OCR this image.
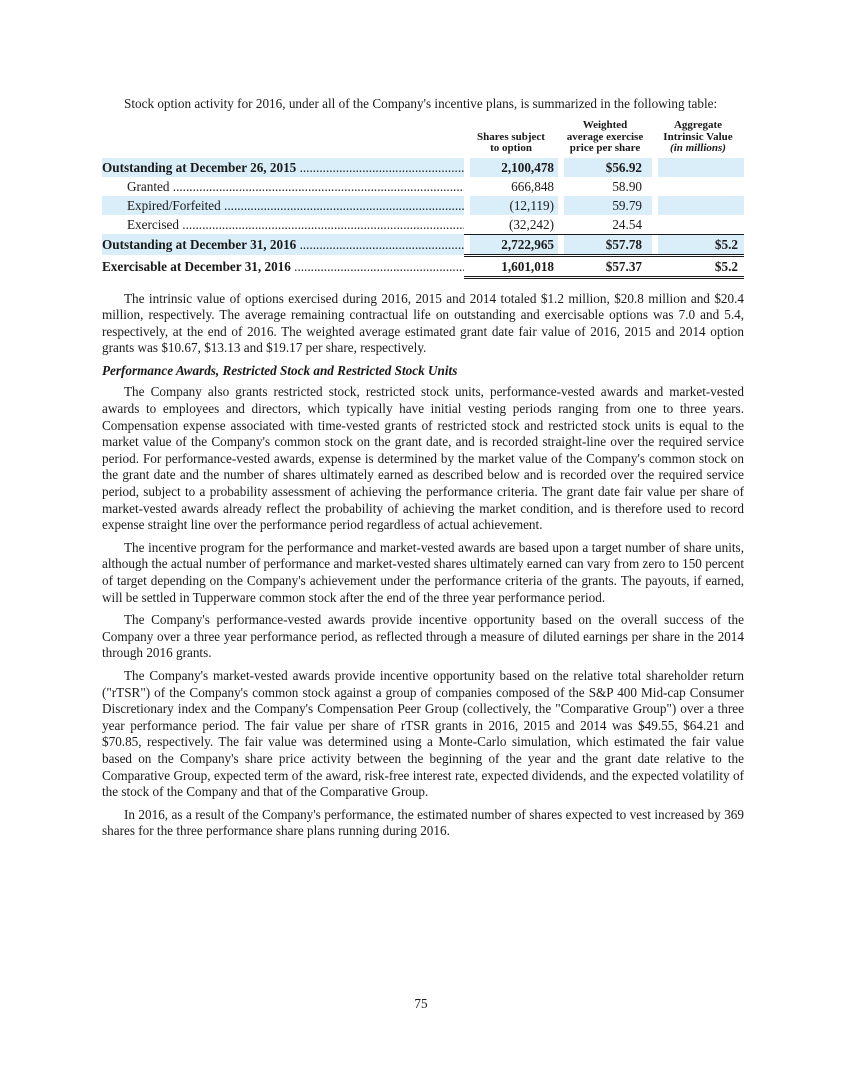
Stock option activity for 2016, under all of the Company's incentive plans, is summarized in the following table:

	Shares subject
to option	Weighted
average exercise
price per share	Aggregate
Intrinsic Value
(in millions)

Outstanding at December 26, 2015 .....	2,100,478	$56.92	
Granted .....	666,848	58.90	
Expired/Forfeited .....	(12,119)	59.79	
Exercised .....	(32,242)	24.54	
Outstanding at December 31, 2016 .....	2,722,965	$57.78	$5.2
Exercisable at December 31, 2016 .....	1,601,018	$57.37	$5.2

The intrinsic value of options exercised during 2016, 2015 and 2014 totaled $1.2 million, $20.8 million and $20.4 million, respectively. The average remaining contractual life on outstanding and exercisable options was 7.0 and 5.4, respectively, at the end of 2016. The weighted average estimated grant date fair value of 2016, 2015 and 2014 option grants was $10.67, $13.13 and $19.17 per share, respectively.

Performance Awards, Restricted Stock and Restricted Stock Units

The Company also grants restricted stock, restricted stock units, performance-vested awards and market-vested awards to employees and directors, which typically have initial vesting periods ranging from one to three years. Compensation expense associated with time-vested grants of restricted stock and restricted stock units is equal to the market value of the Company's common stock on the grant date, and is recorded straight-line over the required service period. For performance-vested awards, expense is determined by the market value of the Company's common stock on the grant date and the number of shares ultimately earned as described below and is recorded over the required service period, subject to a probability assessment of achieving the performance criteria. The grant date fair value per share of market-vested awards already reflect the probability of achieving the market condition, and is therefore used to record expense straight line over the performance period regardless of actual achievement.

The incentive program for the performance and market-vested awards are based upon a target number of share units, although the actual number of performance and market-vested shares ultimately earned can vary from zero to 150 percent of target depending on the Company's achievement under the performance criteria of the grants. The payouts, if earned, will be settled in Tupperware common stock after the end of the three year performance period.

The Company's performance-vested awards provide incentive opportunity based on the overall success of the Company over a three year performance period, as reflected through a measure of diluted earnings per share in the 2014 through 2016 grants.

The Company's market-vested awards provide incentive opportunity based on the relative total shareholder return ("rTSR") of the Company's common stock against a group of companies composed of the S&P 400 Mid-cap Consumer Discretionary index and the Company's Compensation Peer Group (collectively, the "Comparative Group") over a three year performance period. The fair value per share of rTSR grants in 2016, 2015 and 2014 was $49.55, $64.21 and $70.85, respectively. The fair value was determined using a Monte-Carlo simulation, which estimated the fair value based on the Company's share price activity between the beginning of the year and the grant date relative to the Comparative Group, expected term of the award, risk-free interest rate, expected dividends, and the expected volatility of the stock of the Company and that of the Comparative Group.

In 2016, as a result of the Company's performance, the estimated number of shares expected to vest increased by 369 shares for the three performance share plans running during 2016.

75
